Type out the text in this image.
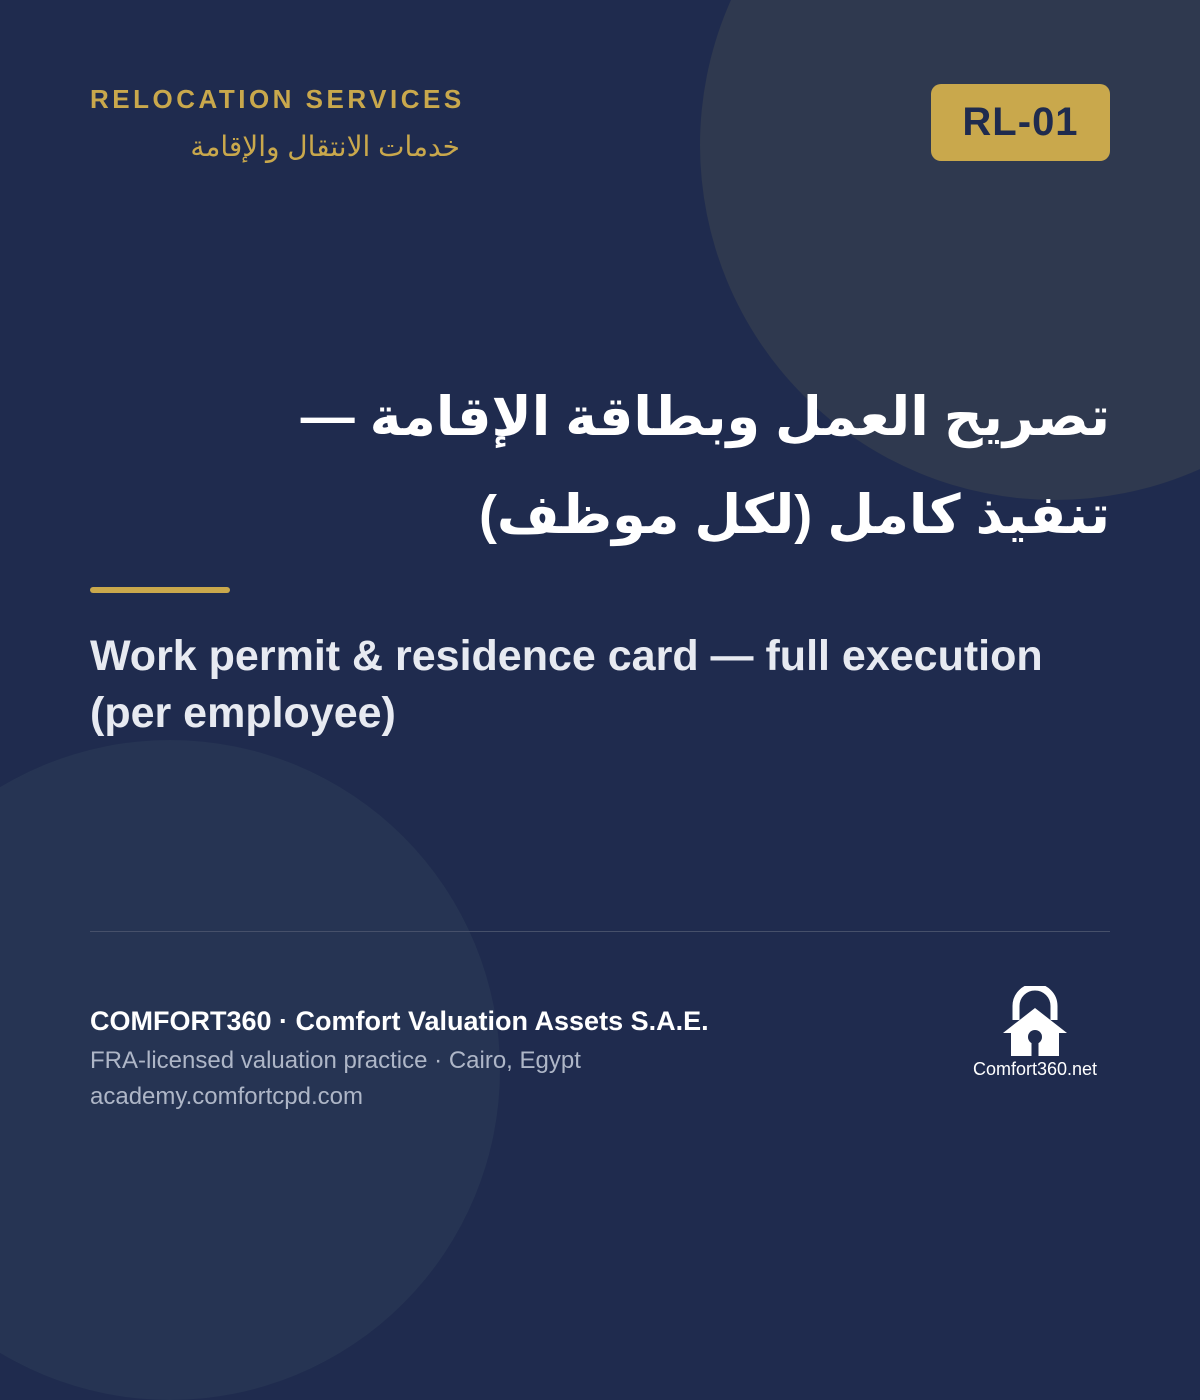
RELOCATION SERVICES

خدمات الانتقال والإقامة

RL-01
تصريح العمل وبطاقة الإقامة —
تنفيذ كامل (لكل موظف)
Work permit & residence card — full execution (per employee)

COMFORT360 · Comfort Valuation Assets S.A.E.

FRA-licensed valuation practice · Cairo, Egypt

academy.comfortcpd.com

Comfort360.net
